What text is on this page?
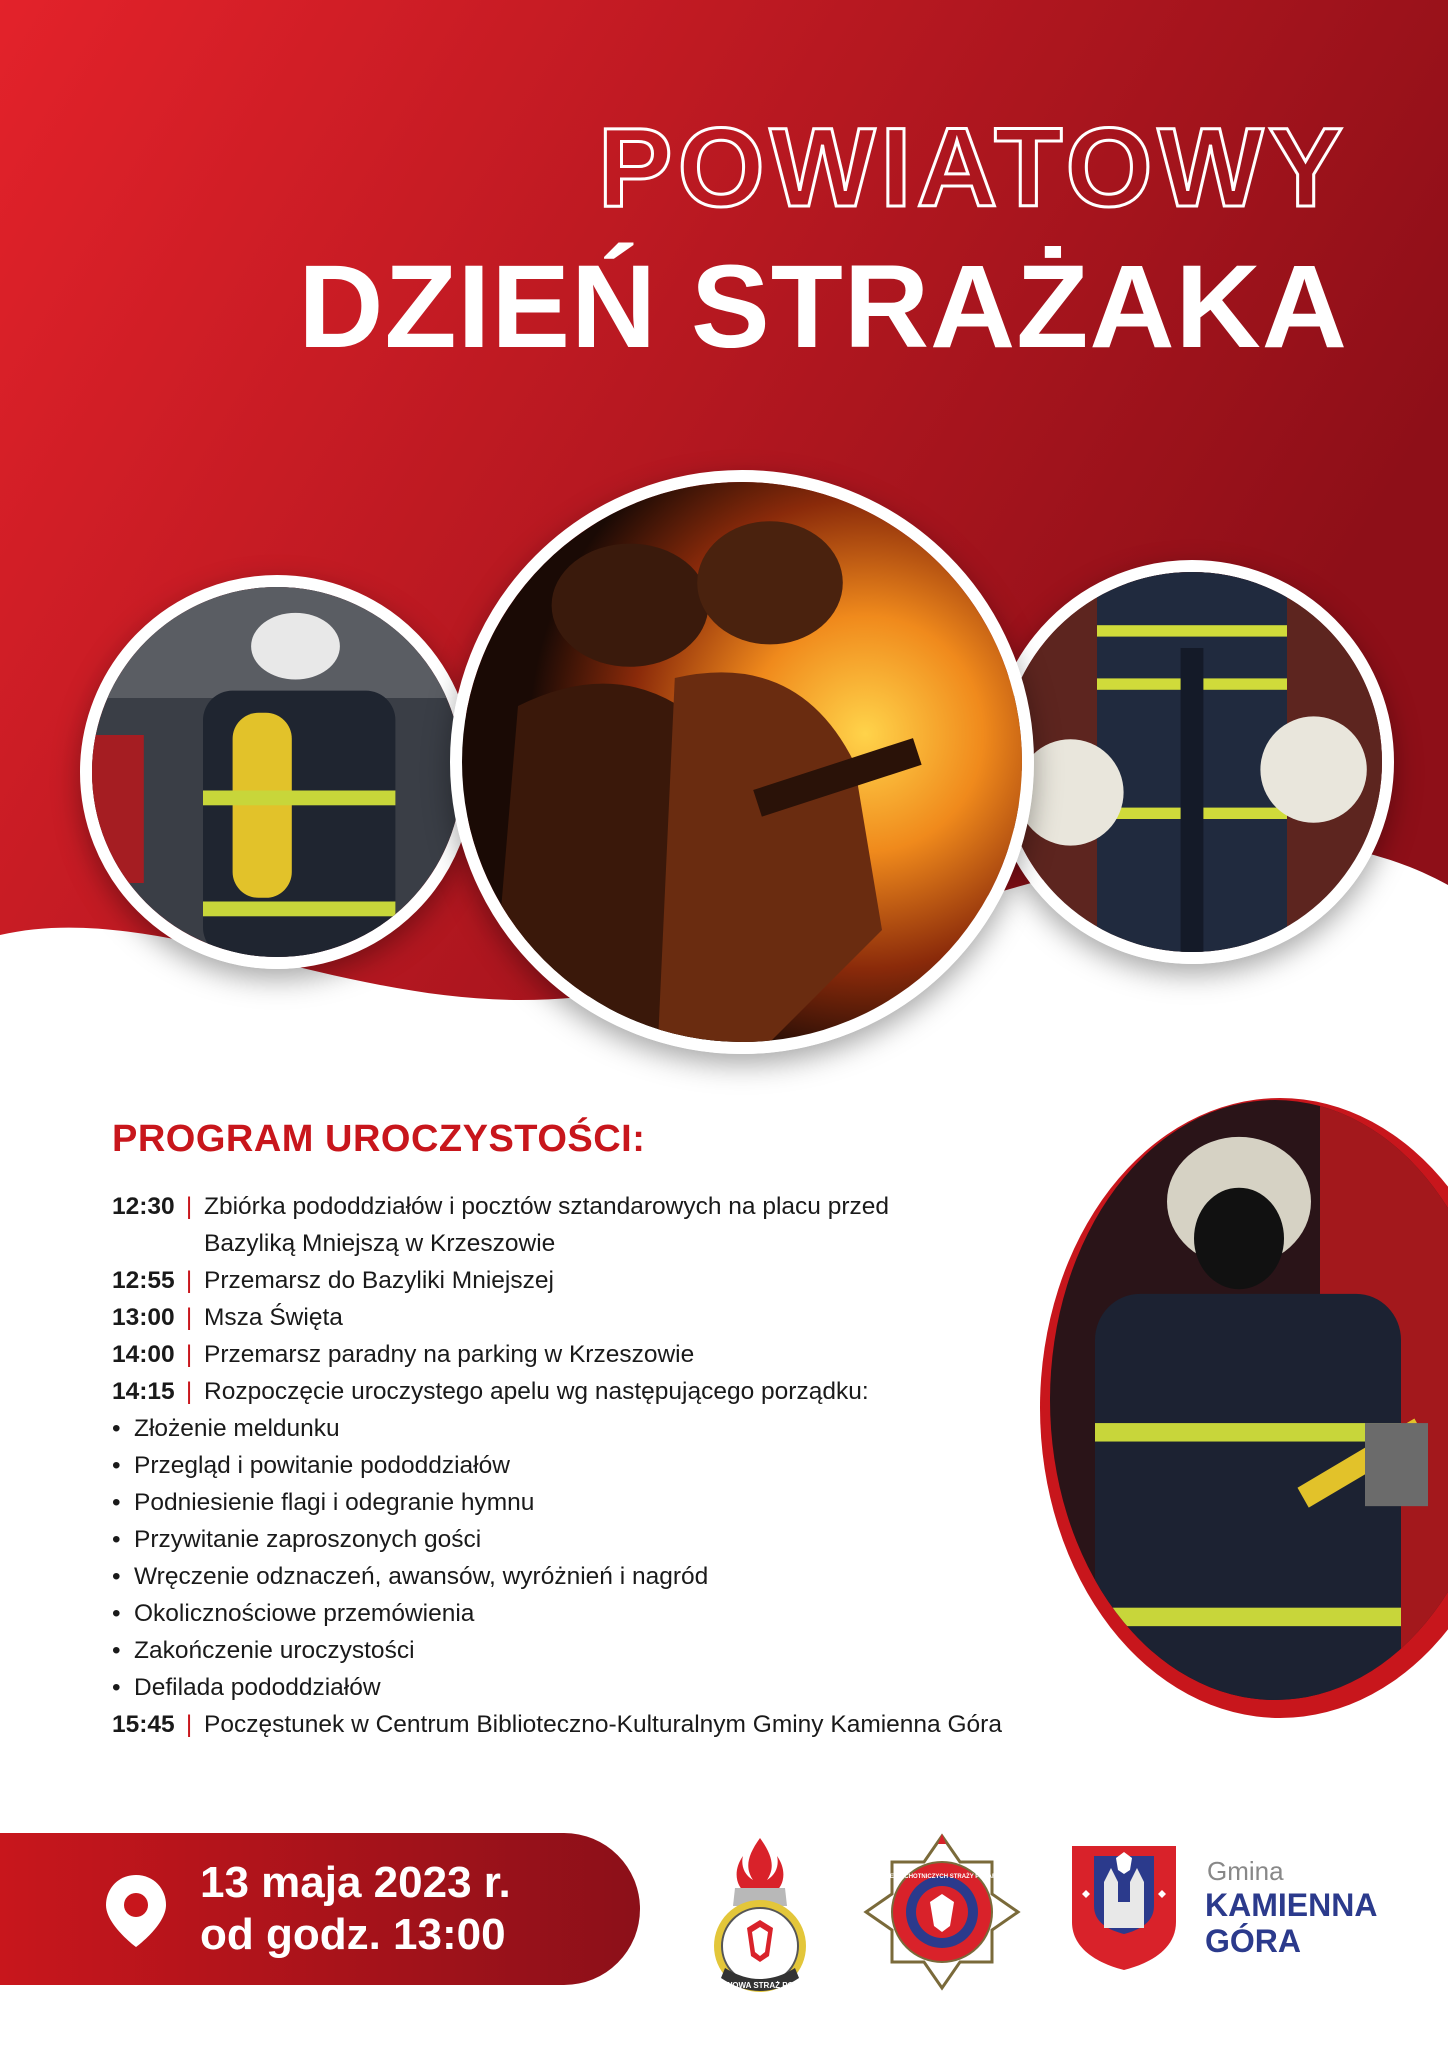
POWIATOWY
DZIEŃ STRAŻAKA
PROGRAM UROCZYSTOŚCI:
12:30 | Zbiórka pododdziałów i pocztów sztandarowych na placu przed
Bazyliką Mniejszą w Krzeszowie
12:55 | Przemarsz do Bazyliki Mniejszej
13:00 | Msza Święta
14:00 | Przemarsz paradny na parking w Krzeszowie
14:15 | Rozpoczęcie uroczystego apelu wg następującego porządku:
• Złożenie meldunku
• Przegląd i powitanie pododdziałów
• Podniesienie flagi i odegranie hymnu
• Przywitanie zaproszonych gości
• Wręczenie odznaczeń, awansów, wyróżnień i nagród
• Okolicznościowe przemówienia
• Zakończenie uroczystości
• Defilada pododdziałów
15:45 | Poczęstunek w Centrum Biblioteczno-Kulturalnym Gminy Kamienna Góra
13 maja 2023 r.
od godz. 13:00
PAŃSTWOWA STRAŻ POŻARNA
ZWIĄZEK OCHOTNICZYCH STRAŻY POŻARNYCH	Gmina
KAMIENNA
GÓRA
